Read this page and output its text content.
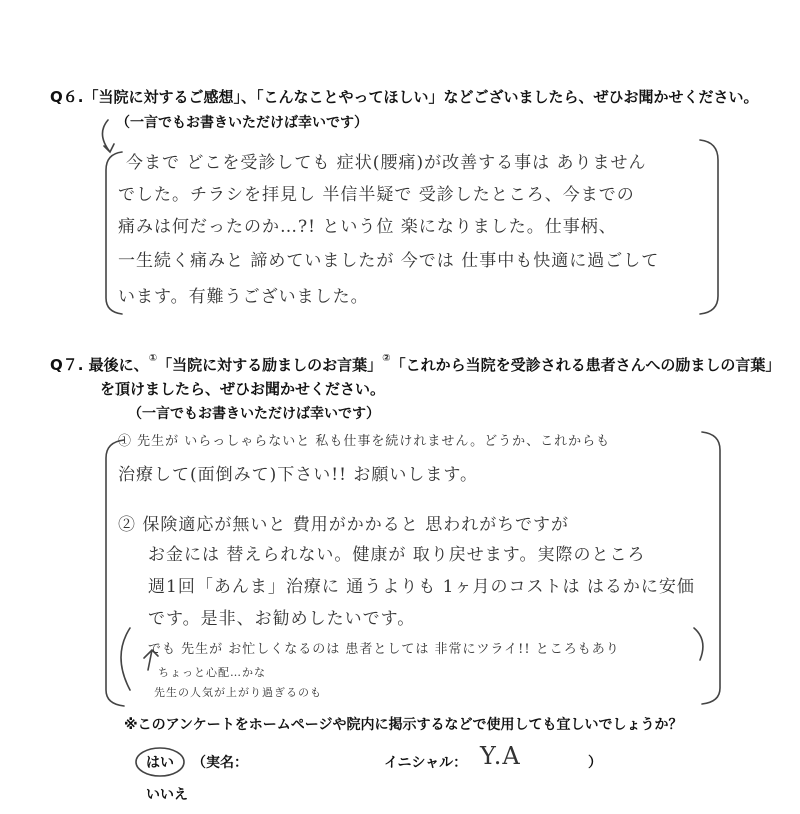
Q６.「当院に対するご感想」、「こんなことやってほしい」などございましたら、ぜひお聞かせください。
（一言でもお書きいただけば幸いです）
今まで どこを受診しても 症状(腰痛)が改善する事は ありません
でした。チラシを拝見し 半信半疑で 受診したところ、今までの
痛みは何だったのか…?! という位 楽になりました。仕事柄、
一生続く痛みと 諦めていましたが 今では 仕事中も快適に過ごして
います。有難うございました。
Q７. 最後に、①「当院に対する励ましのお言葉」②「これから当院を受診される患者さんへの励ましの言葉」
を頂けましたら、ぜひお聞かせください。
（一言でもお書きいただけば幸いです）
① 先生が いらっしゃらないと 私も仕事を続けれません。どうか、これからも
治療して(面倒みて)下さい!! お願いします。
② 保険適応が無いと 費用がかかると 思われがちですが
お金には 替えられない。健康が 取り戻せます。実際のところ
週1回「あんま」治療に 通うよりも 1ヶ月のコストは はるかに安価
です。是非、お勧めしたいです。
でも 先生が お忙しくなるのは 患者としては 非常にツライ!! ところもあり
ちょっと心配…かな
先生の人気が上がり過ぎるのも
※このアンケートをホームページや院内に掲示するなどで使用しても宜しいでしょうか？
はい （実名：	イニシャル： Y.A	）
いいえ
